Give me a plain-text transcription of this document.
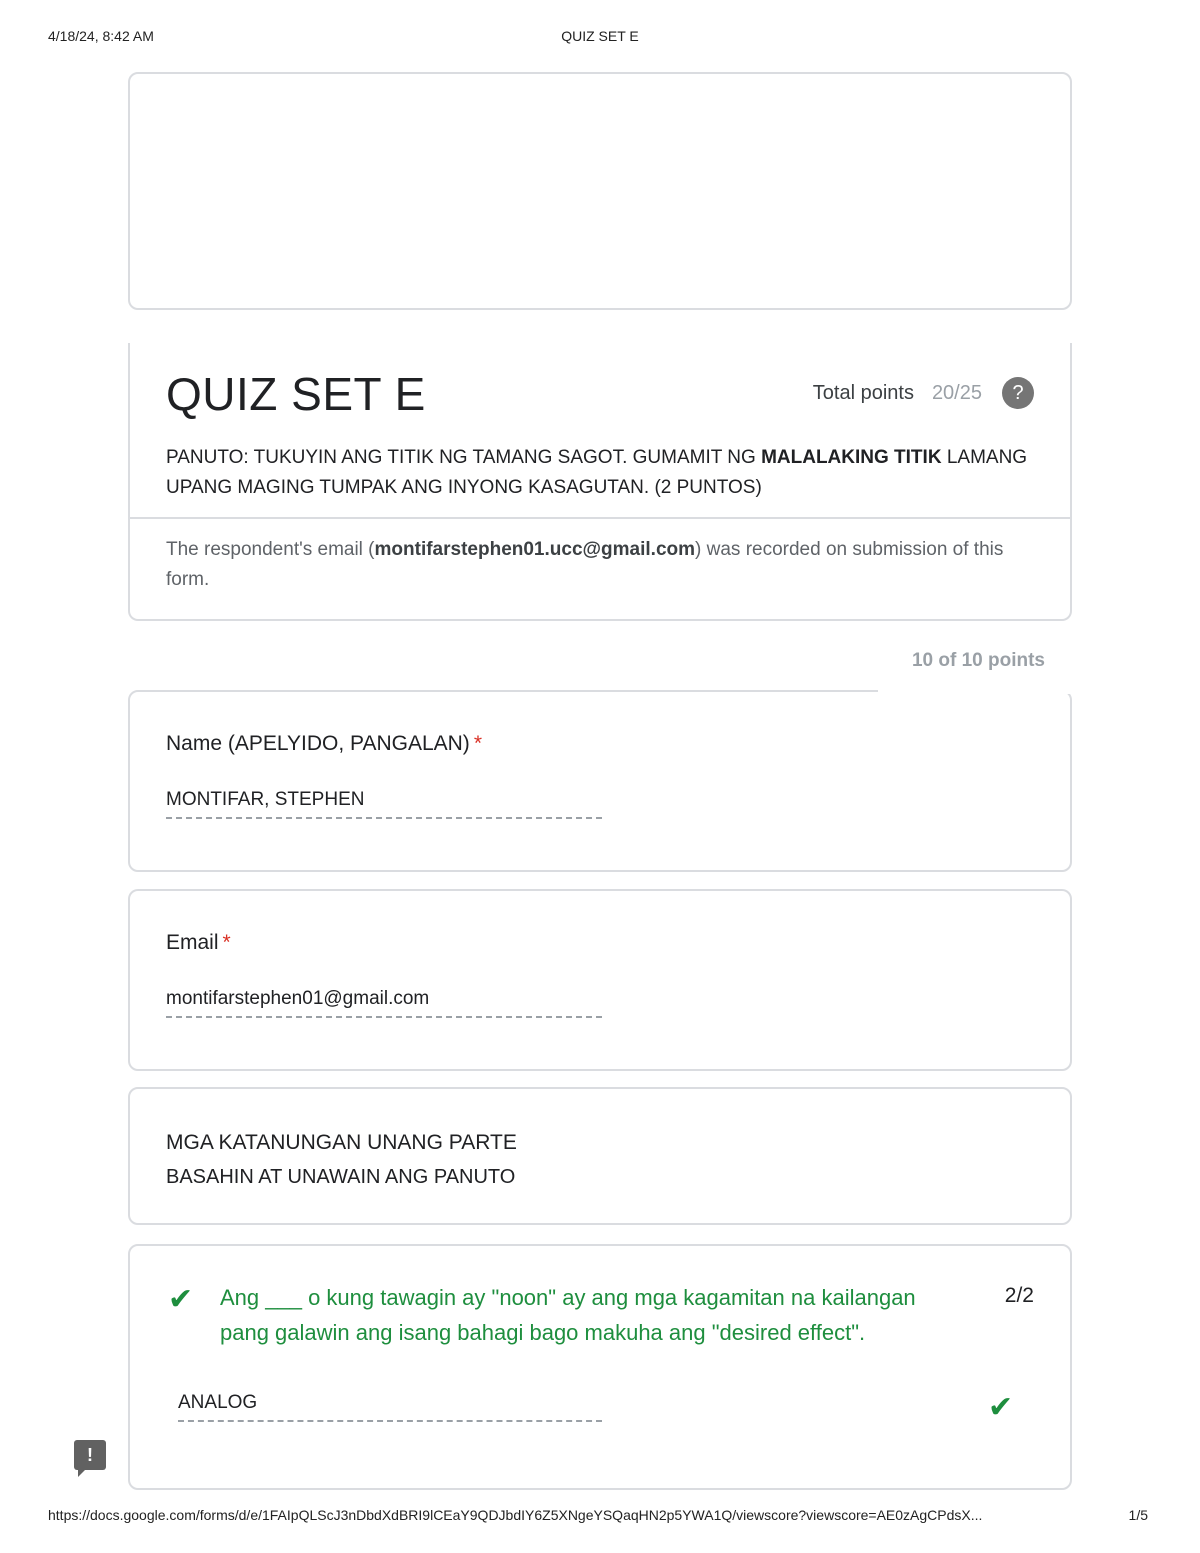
4/18/24, 8:42 AM	QUIZ SET E
QUIZ SET E	Total points 20/25	?
PANUTO: TUKUYIN ANG TITIK NG TAMANG SAGOT. GUMAMIT NG MALALAKING TITIK LAMANG UPANG MAGING TUMPAK ANG INYONG KASAGUTAN. (2 PUNTOS)
The respondent's email (montifarstephen01.ucc@gmail.com) was recorded on submission of this form.
10 of 10 points
Name (APELYIDO, PANGALAN) *
MONTIFAR, STEPHEN
Email *
montifarstephen01@gmail.com
MGA KATANUNGAN UNANG PARTE
BASAHIN AT UNAWAIN ANG PANUTO
✔ Ang ___ o kung tawagin ay "noon" ay ang mga kagamitan na kailangan pang galawin ang isang bahagi bago makuha ang "desired effect".
2/2
ANALOG	✔
!
https://docs.google.com/forms/d/e/1FAIpQLScJ3nDbdXdBRI9lCEaY9QDJbdIY6Z5XNgeYSQaqHN2p5YWA1Q/viewscore?viewscore=AE0zAgCPdsX...	1/5
